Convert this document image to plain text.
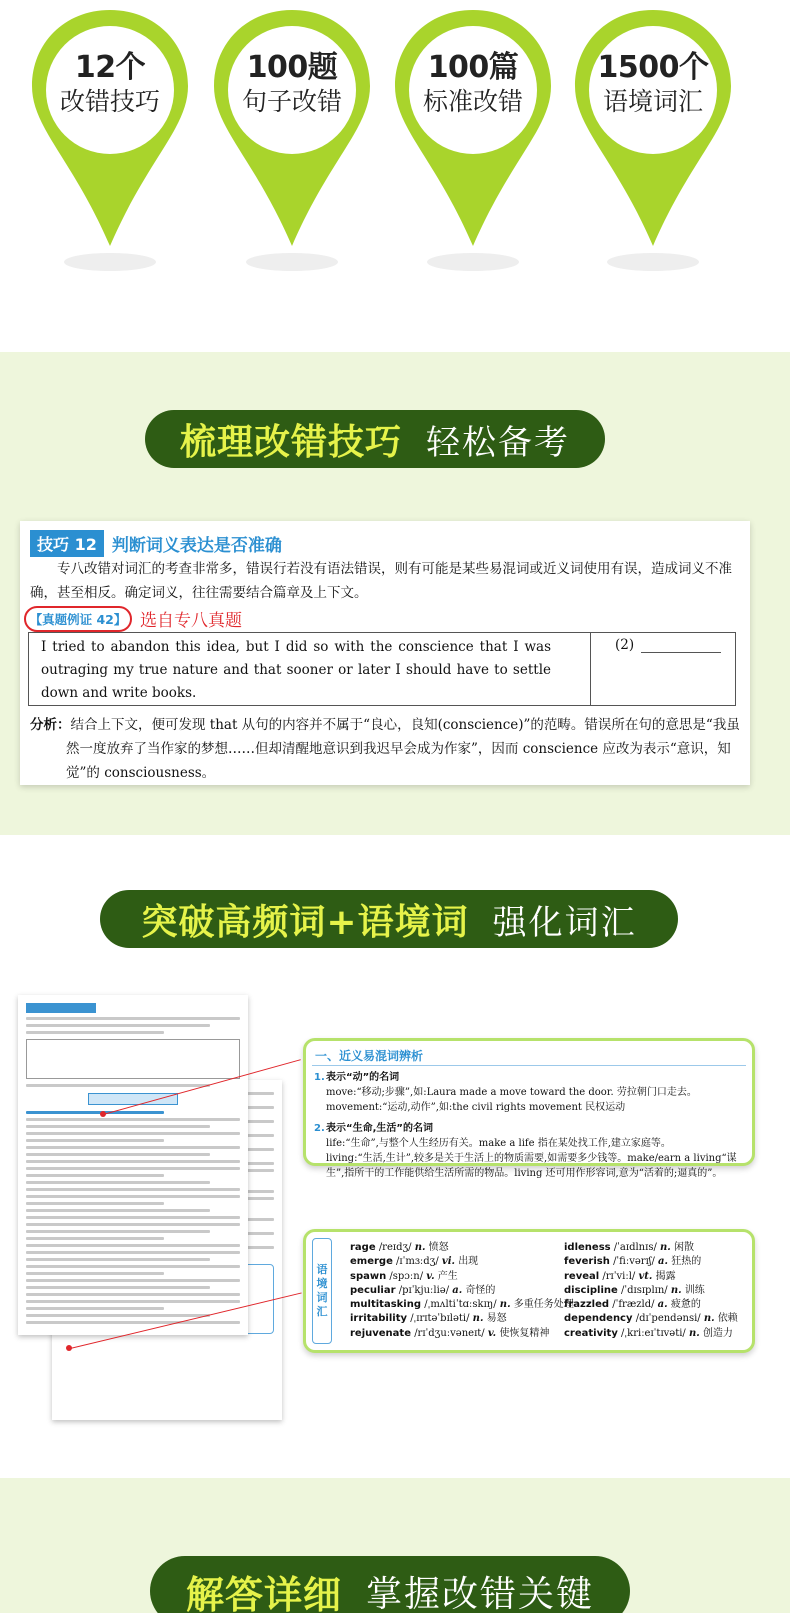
12个
改错技巧
100题
句子改错
100篇
标准改错
1500个
语境词汇
梳理改错技巧 轻松备考
技巧 12 判断词义表达是否准确
专八改错对词汇的考查非常多，错误行若没有语法错误，则有可能是某些易混词或近义词使用有误，造成词义不准确，甚至相反。确定词义，往往需要结合篇章及上下文。
【真题例证 42】 选自专八真题
I tried to abandon this idea, but I did so with the conscience that I was outraging my true nature and that sooner or later I should have to settle down and write books.
(2)
分析：结合上下文，便可发现 that 从句的内容并不属于“良心，良知(conscience)”的范畴。错误所在句的意思是“我虽然一度放弃了当作家的梦想……但却清醒地意识到我迟早会成为作家”，因而 conscience 应改为表示“意识，知觉”的 consciousness。
突破高频词+语境词 强化词汇
一、近义易混词辨析
1.表示“动”的名词
move:“移动;步骤”,如:Laura made a move toward the door. 劳拉朝门口走去。
movement:“运动,动作”,如:the civil rights movement 民权运动
2.表示“生命,生活”的名词
life:“生命”,与整个人生经历有关。make a life 指在某处找工作,建立家庭等。
living:“生活,生计”,较多是关于生活上的物质需要,如需要多少钱等。make/earn a living“谋生”,指所干的工作能供给生活所需的物品。living 还可用作形容词,意为“活着的;逼真的”。
语境词汇
rage /reɪdʒ/ n. 愤怒
emerge /ɪˈmɜːdʒ/ vi. 出现
spawn /spɔːn/ v. 产生
peculiar /pɪˈkjuːliə/ a. 奇怪的
multitasking /ˌmʌltiˈtɑːskɪŋ/ n. 多重任务处理
irritability /ˌɪrɪtəˈbɪləti/ n. 易怒
rejuvenate /rɪˈdʒuːvəneɪt/ v. 使恢复精神
idleness /ˈaɪdlnɪs/ n. 闲散
feverish /ˈfiːvərɪʃ/ a. 狂热的
reveal /rɪˈviːl/ vt. 揭露
discipline /ˈdɪsɪplɪn/ n. 训练
frazzled /ˈfræzld/ a. 疲惫的
dependency /dɪˈpendənsi/ n. 依赖
creativity /ˌkriːeɪˈtɪvəti/ n. 创造力
解答详细 掌握改错关键
